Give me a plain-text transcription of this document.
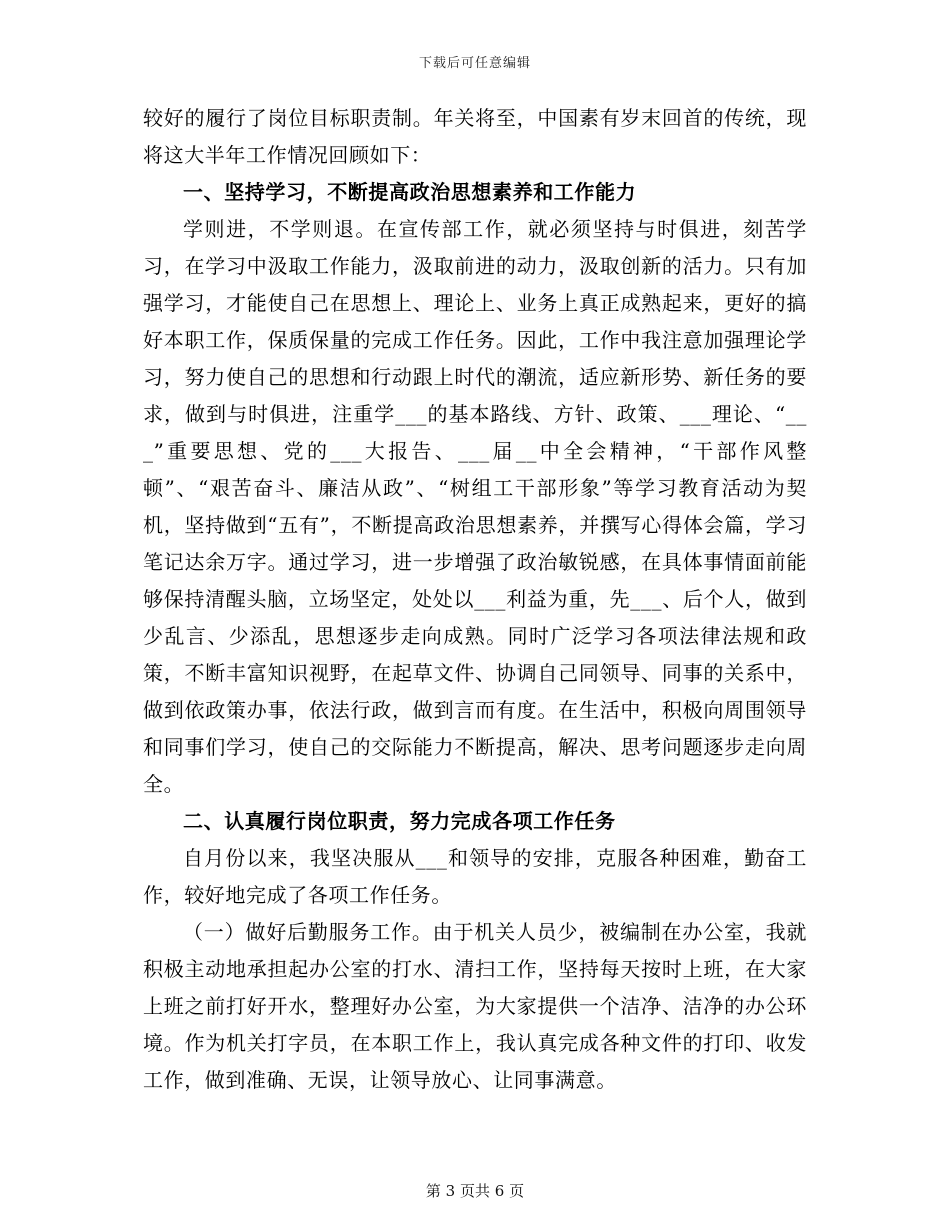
下载后可任意编辑

较好的履行了岗位目标职责制。年关将至，中国素有岁末回首的传统，现将这大半年工作情况回顾如下：

一、坚持学习，不断提高政治思想素养和工作能力

学则进，不学则退。在宣传部工作，就必须坚持与时俱进，刻苦学习，在学习中汲取工作能力，汲取前进的动力，汲取创新的活力。只有加强学习，才能使自己在思想上、理论上、业务上真正成熟起来，更好的搞好本职工作，保质保量的完成工作任务。因此，工作中我注意加强理论学习，努力使自己的思想和行动跟上时代的潮流，适应新形势、新任务的要求，做到与时俱进，注重学___的基本路线、方针、政策、___理论、“___”重要思想、党的___大报告、___届__中全会精神，“干部作风整顿”、“艰苦奋斗、廉洁从政”、“树组工干部形象”等学习教育活动为契机，坚持做到“五有”，不断提高政治思想素养，并撰写心得体会篇，学习笔记达余万字。通过学习，进一步增强了政治敏锐感，在具体事情面前能够保持清醒头脑，立场坚定，处处以___利益为重，先___、后个人，做到少乱言、少添乱，思想逐步走向成熟。同时广泛学习各项法律法规和政策，不断丰富知识视野，在起草文件、协调自己同领导、同事的关系中，做到依政策办事，依法行政，做到言而有度。在生活中，积极向周围领导和同事们学习，使自己的交际能力不断提高，解决、思考问题逐步走向周全。

二、认真履行岗位职责，努力完成各项工作任务

自月份以来，我坚决服从___和领导的安排，克服各种困难，勤奋工作，较好地完成了各项工作任务。

（一）做好后勤服务工作。由于机关人员少，被编制在办公室，我就积极主动地承担起办公室的打水、清扫工作，坚持每天按时上班，在大家上班之前打好开水，整理好办公室，为大家提供一个洁净、洁净的办公环境。作为机关打字员，在本职工作上，我认真完成各种文件的打印、收发工作，做到准确、无误，让领导放心、让同事满意。

第 3 页共 6 页
